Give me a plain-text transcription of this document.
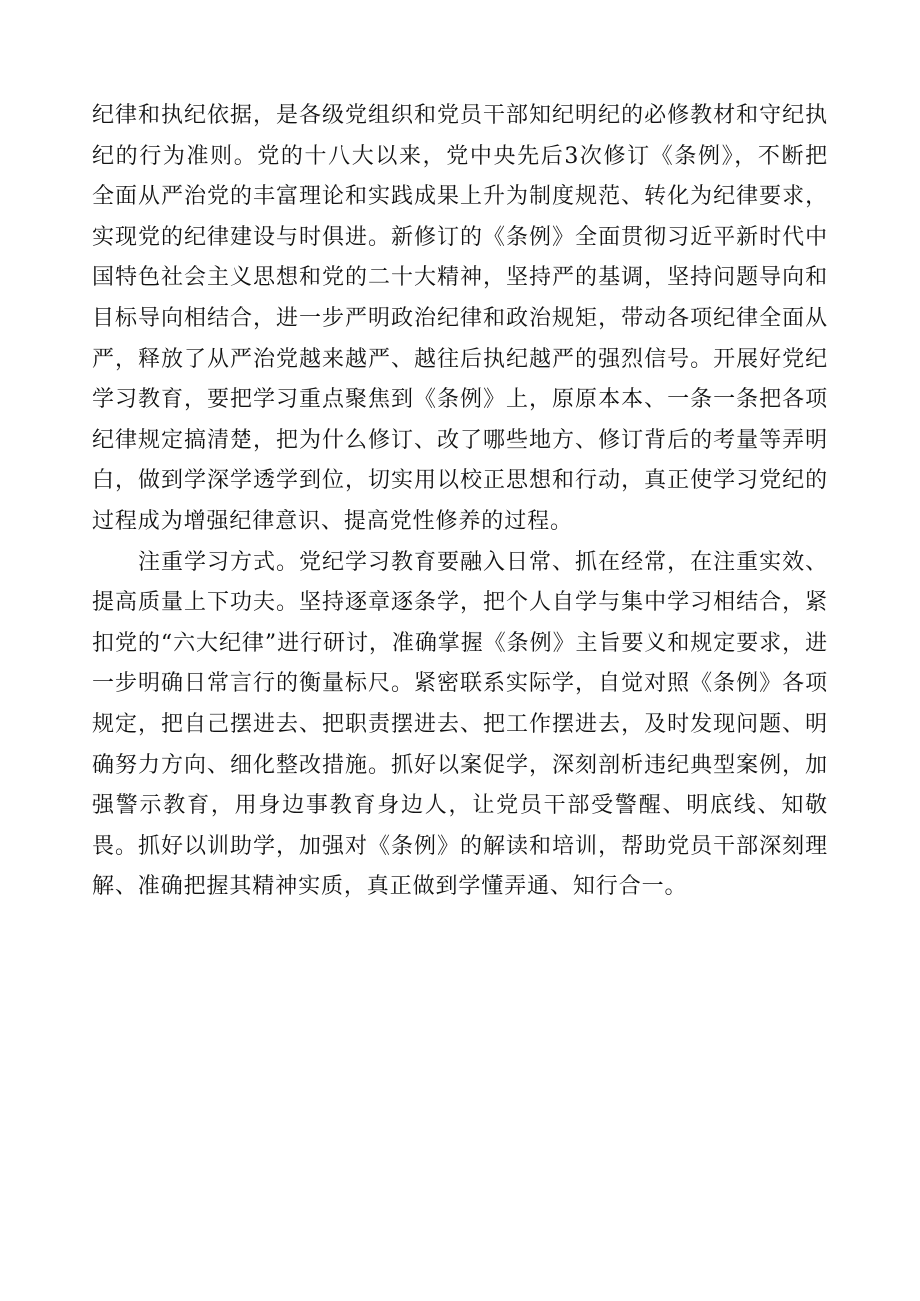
纪律和执纪依据，是各级党组织和党员干部知纪明纪的必修教材和守纪执纪的行为准则。党的十八大以来，党中央先后3次修订《条例》，不断把全面从严治党的丰富理论和实践成果上升为制度规范、转化为纪律要求，实现党的纪律建设与时俱进。新修订的《条例》全面贯彻习近平新时代中国特色社会主义思想和党的二十大精神，坚持严的基调，坚持问题导向和目标导向相结合，进一步严明政治纪律和政治规矩，带动各项纪律全面从严，释放了从严治党越来越严、越往后执纪越严的强烈信号。开展好党纪学习教育，要把学习重点聚焦到《条例》上，原原本本、一条一条把各项纪律规定搞清楚，把为什么修订、改了哪些地方、修订背后的考量等弄明白，做到学深学透学到位，切实用以校正思想和行动，真正使学习党纪的过程成为增强纪律意识、提高党性修养的过程。

注重学习方式。党纪学习教育要融入日常、抓在经常，在注重实效、提高质量上下功夫。坚持逐章逐条学，把个人自学与集中学习相结合，紧扣党的“六大纪律”进行研讨，准确掌握《条例》主旨要义和规定要求，进一步明确日常言行的衡量标尺。紧密联系实际学，自觉对照《条例》各项规定，把自己摆进去、把职责摆进去、把工作摆进去，及时发现问题、明确努力方向、细化整改措施。抓好以案促学，深刻剖析违纪典型案例，加强警示教育，用身边事教育身边人，让党员干部受警醒、明底线、知敬畏。抓好以训助学，加强对《条例》的解读和培训，帮助党员干部深刻理解、准确把握其精神实质，真正做到学懂弄通、知行合一。
